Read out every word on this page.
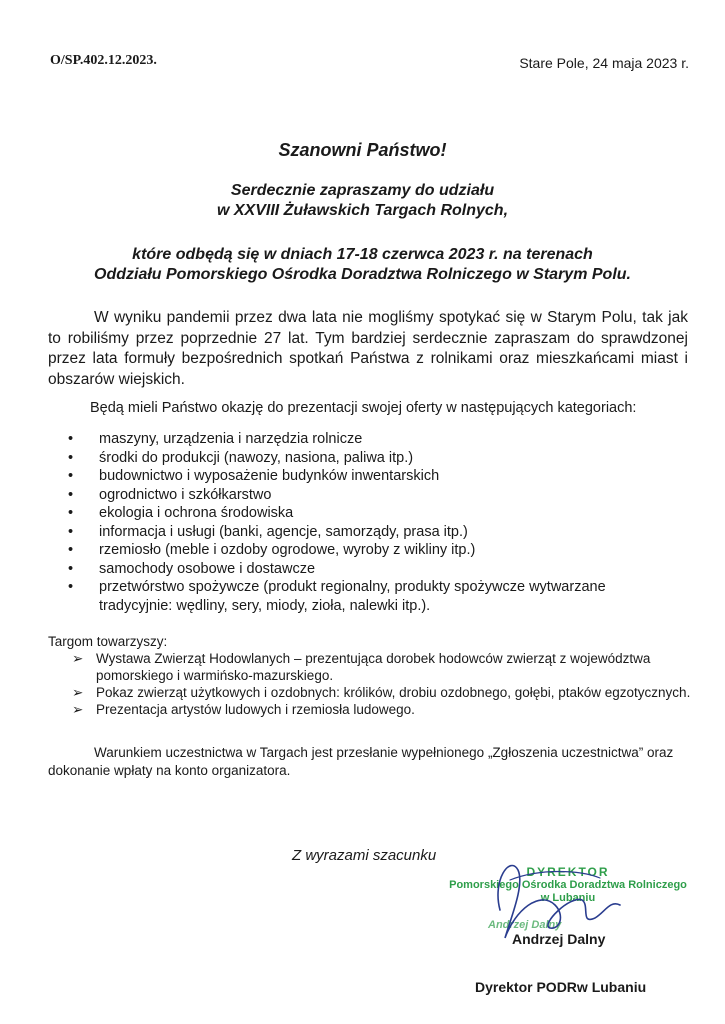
O/SP.402.12.2023.	Stare Pole, 24 maja 2023 r.

Szanowni Państwo!

Serdecznie zapraszamy do udziału
w XXVIII Żuławskich Targach Rolnych,
które odbędą się w dniach 17-18 czerwca 2023 r. na terenach
Oddziału Pomorskiego Ośrodka Doradztwa Rolniczego w Starym Polu.

W wyniku pandemii przez dwa lata nie mogliśmy spotykać się w Starym Polu, tak jak to robiliśmy przez poprzednie 27 lat. Tym bardziej serdecznie zapraszam do sprawdzonej przez lata formuły bezpośrednich spotkań Państwa z rolnikami oraz mieszkańcami miast i obszarów wiejskich.

Będą mieli Państwo okazję do prezentacji swojej oferty w następujących kategoriach:

• maszyny, urządzenia i narzędzia rolnicze
• środki do produkcji (nawozy, nasiona, paliwa itp.)
• budownictwo i wyposażenie budynków inwentarskich
• ogrodnictwo i szkółkarstwo
• ekologia i ochrona środowiska
• informacja i usługi (banki, agencje, samorządy, prasa itp.)
• rzemiosło (meble i ozdoby ogrodowe, wyroby z wikliny itp.)
• samochody osobowe i dostawcze
• przetwórstwo spożywcze (produkt regionalny, produkty spożywcze wytwarzane tradycyjnie: wędliny, sery, miody, zioła, nalewki itp.).

Targom towarzyszy:

➢ Wystawa Zwierząt Hodowlanych – prezentująca dorobek hodowców zwierząt z województwa pomorskiego i warmińsko-mazurskiego.
➢ Pokaz zwierząt użytkowych i ozdobnych: królików, drobiu ozdobnego, gołębi, ptaków egzotycznych.
➢ Prezentacja artystów ludowych i rzemiosła ludowego.

Warunkiem uczestnictwa w Targach jest przesłanie wypełnionego „Zgłoszenia uczestnictwa” oraz dokonanie wpłaty na konto organizatora.

Z wyrazami szacunku

DYREKTOR
Pomorskiego Ośrodka Doradztwa Rolniczego
w Lubaniu
Andrzej Dalny

Andrzej Dalny

Dyrektor PODRw Lubaniu
